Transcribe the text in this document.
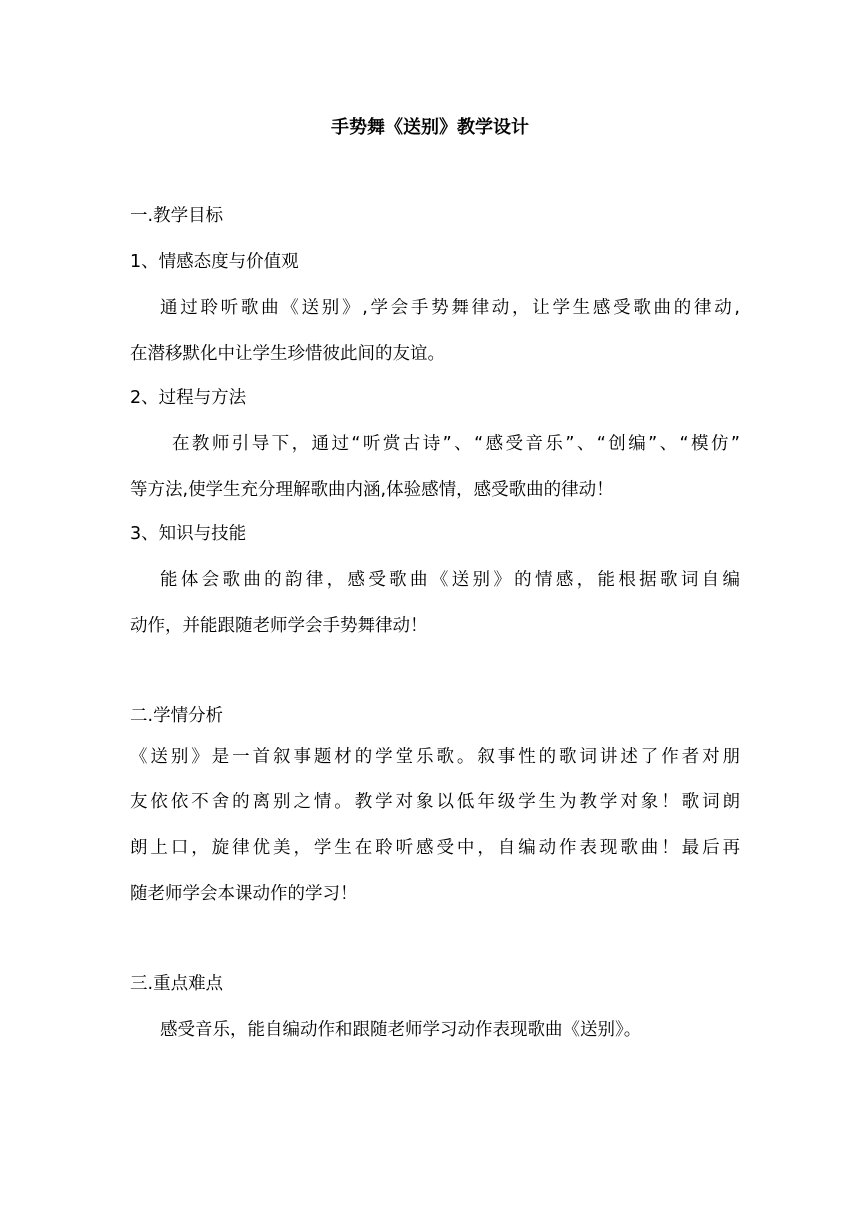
手势舞《送别》教学设计
一.教学目标
1、情感态度与价值观
通过聆听歌曲《送别》,学会手势舞律动，让学生感受歌曲的律动,
在潜移默化中让学生珍惜彼此间的友谊。
2、过程与方法
在教师引导下，通过“听赏古诗”、“感受音乐”、“创编”、“模仿”
等方法,使学生充分理解歌曲内涵,体验感情，感受歌曲的律动！
3、知识与技能
能体会歌曲的韵律，感受歌曲《送别》的情感，能根据歌词自编
动作，并能跟随老师学会手势舞律动！
二.学情分析
《送别》是一首叙事题材的学堂乐歌。叙事性的歌词讲述了作者对朋
友依依不舍的离别之情。教学对象以低年级学生为教学对象！歌词朗
朗上口，旋律优美，学生在聆听感受中，自编动作表现歌曲！最后再
随老师学会本课动作的学习！
三.重点难点
感受音乐，能自编动作和跟随老师学习动作表现歌曲《送别》。
